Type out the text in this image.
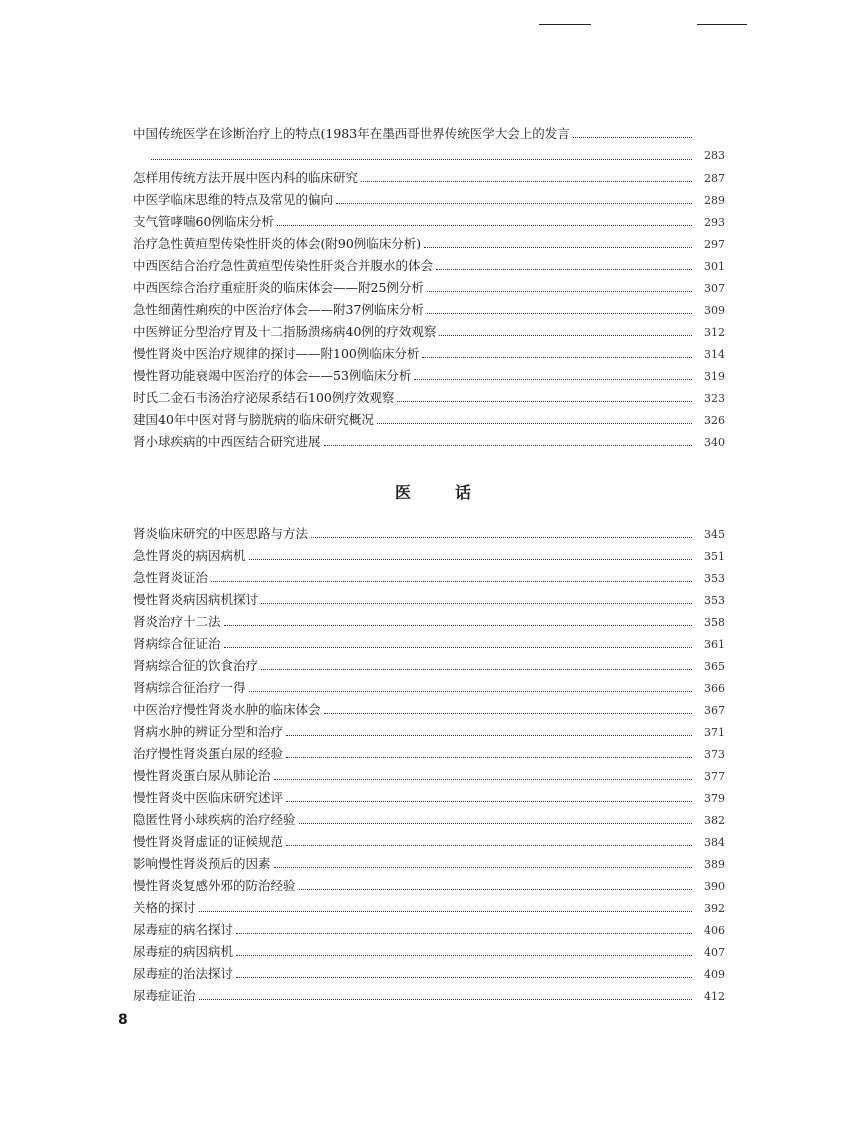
中国传统医学在诊断治疗上的特点(1983年在墨西哥世界传统医学大会上的发言
283
怎样用传统方法开展中医内科的临床研究	287
中医学临床思维的特点及常见的偏向	289
支气管哮喘60例临床分析	293
治疗急性黄疸型传染性肝炎的体会(附90例临床分析)	297
中西医结合治疗急性黄疸型传染性肝炎合并腹水的体会	301
中西医综合治疗重症肝炎的临床体会——附25例分析	307
急性细菌性痢疾的中医治疗体会——附37例临床分析	309
中医辨证分型治疗胃及十二指肠溃疡病40例的疗效观察	312
慢性肾炎中医治疗规律的探讨——附100例临床分析	314
慢性肾功能衰竭中医治疗的体会——53例临床分析	319
时氏二金石韦汤治疗泌尿系结石100例疗效观察	323
建国40年中医对肾与膀胱病的临床研究概况	326
肾小球疾病的中西医结合研究进展	340
医话
肾炎临床研究的中医思路与方法	345
急性肾炎的病因病机	351
急性肾炎证治	353
慢性肾炎病因病机探讨	353
肾炎治疗十二法	358
肾病综合征证治	361
肾病综合征的饮食治疗	365
肾病综合征治疗一得	366
中医治疗慢性肾炎水肿的临床体会	367
肾病水肿的辨证分型和治疗	371
治疗慢性肾炎蛋白尿的经验	373
慢性肾炎蛋白尿从肺论治	377
慢性肾炎中医临床研究述评	379
隐匿性肾小球疾病的治疗经验	382
慢性肾炎肾虚证的证候规范	384
影响慢性肾炎预后的因素	389
慢性肾炎复感外邪的防治经验	390
关格的探讨	392
尿毒症的病名探讨	406
尿毒症的病因病机	407
尿毒症的治法探讨	409
尿毒症证治	412
8
